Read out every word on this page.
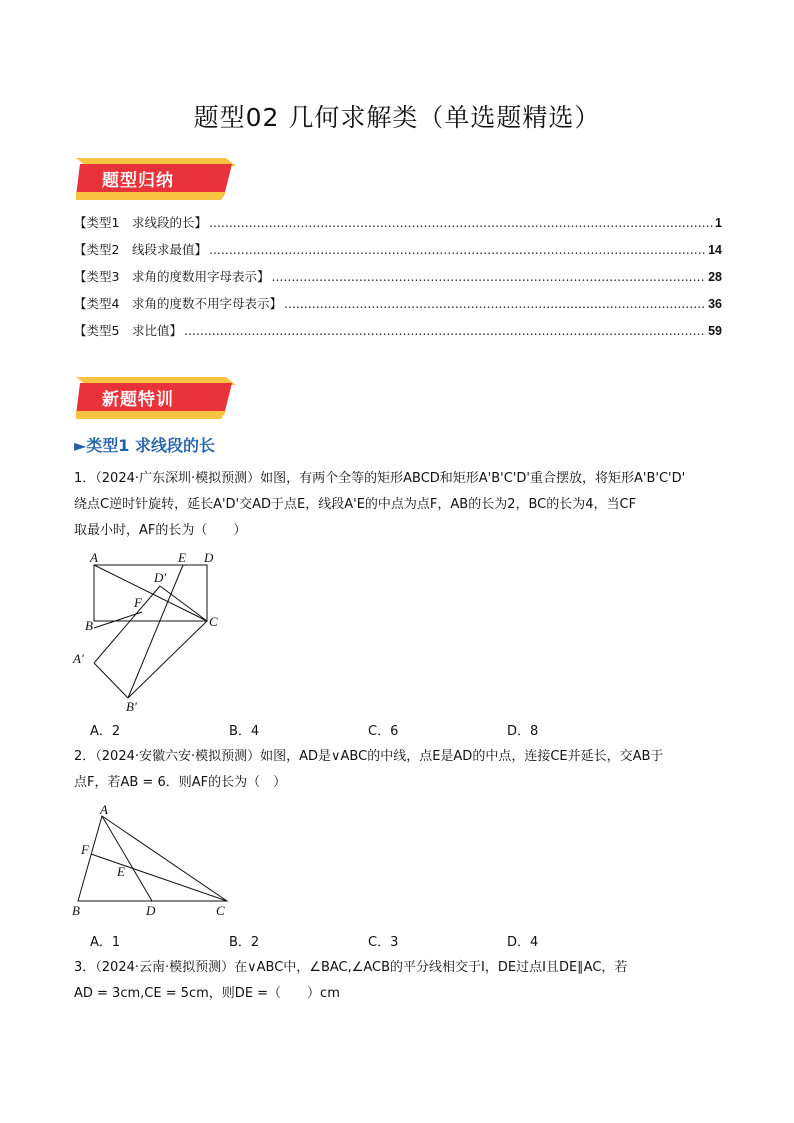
题型02 几何求解类（单选题精选）
题型归纳
【类型1　求线段的长】 .....	1
【类型2　线段求最值】 .....	14
【类型3　求角的度数用字母表示】 .....	28
【类型4　求角的度数不用字母表示】 .....	36
【类型5　求比值】 .....	59
新题特训
►类型1 求线段的长
1．（2024·广东深圳·模拟预测）如图，有两个全等的矩形ABCD和矩形A'B'C'D'重合摆放，将矩形A'B'C'D'
绕点C逆时针旋转，延长A'D'交AD于点E，线段A'E的中点为点F，AB的长为2，BC的长为4，当CF
取最小时，AF的长为（　　）
A	E D
D′
F
B	C
A′
B′
A．2	B．4	C．6	D．8
2．（2024·安徽六安·模拟预测）如图，AD是∨ABC的中线，点E是AD的中点，连接CE并延长，交AB于
点F，若AB = 6．则AF的长为（　）
A
F
E
B	D	C
A．1	B．2	C．3	D．4
3．（2024·云南·模拟预测）在∨ABC中，∠BAC,∠ACB的平分线相交于I，DE过点I且DE∥AC，若
AD = 3cm,CE = 5cm，则DE =（　　）cm
